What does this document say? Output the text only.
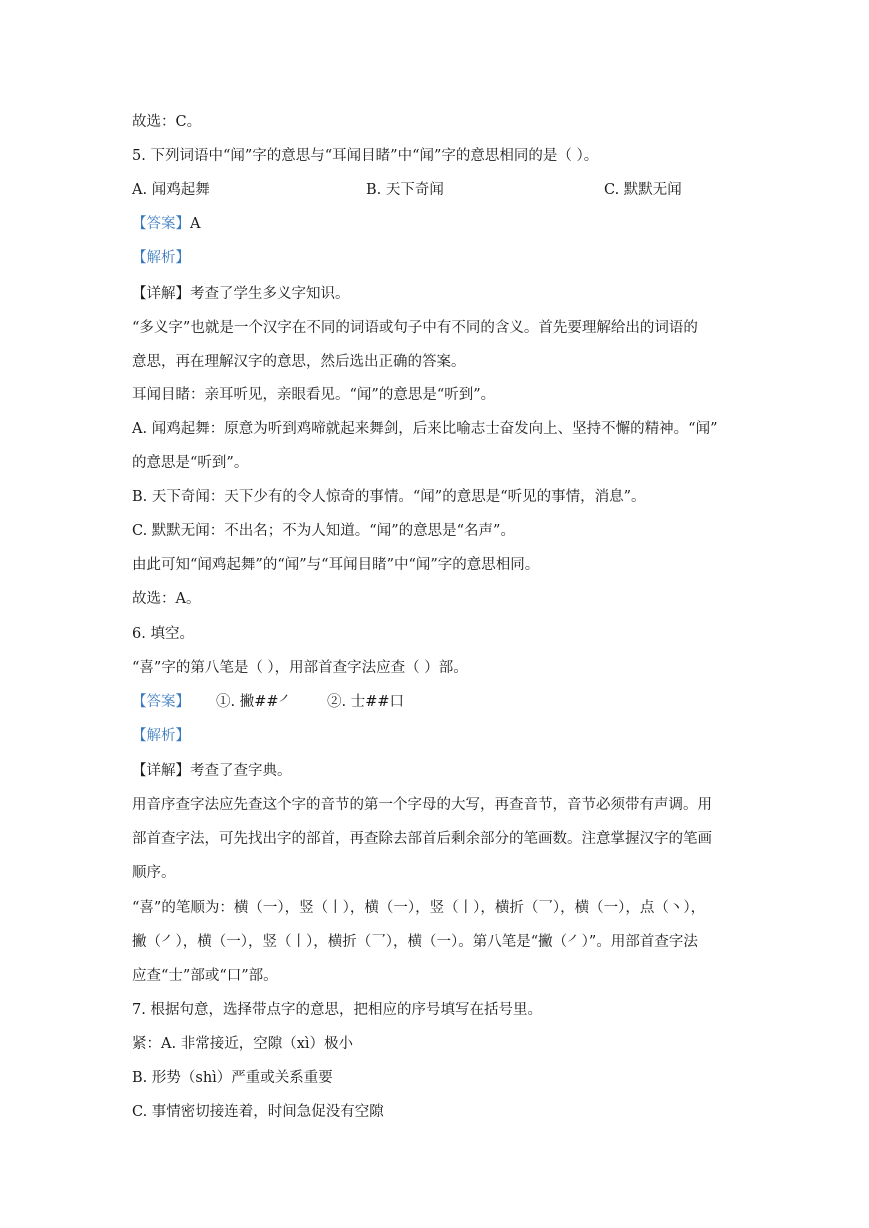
故选：C。
5. 下列词语中“闻”字的意思与“耳闻目睹”中“闻”字的意思相同的是（ ）。
A. 闻鸡起舞	B. 天下奇闻	C. 默默无闻
【答案】A
【解析】
【详解】考查了学生多义字知识。
“多义字”也就是一个汉字在不同的词语或句子中有不同的含义。首先要理解给出的词语的
意思，再在理解汉字的意思，然后选出正确的答案。
耳闻目睹：亲耳听见，亲眼看见。“闻”的意思是“听到”。
A. 闻鸡起舞：原意为听到鸡啼就起来舞剑，后来比喻志士奋发向上、坚持不懈的精神。“闻”
的意思是“听到”。
B. 天下奇闻：天下少有的令人惊奇的事情。“闻”的意思是“听见的事情，消息”。
C. 默默无闻：不出名；不为人知道。“闻”的意思是“名声”。
由此可知“闻鸡起舞”的“闻”与“耳闻目睹”中“闻”字的意思相同。
故选：A。
6. 填空。
“喜”字的第八笔是（ ），用部首查字法应查（ ）部。
【答案】 ①. 撇##㇒ ②. 士##口
【解析】
【详解】考查了查字典。
用音序查字法应先查这个字的音节的第一个字母的大写，再查音节，音节必须带有声调。用
部首查字法，可先找出字的部首，再查除去部首后剩余部分的笔画数。注意掌握汉字的笔画
顺序。
“喜”的笔顺为：横（一），竖（丨），横（一），竖（丨），横折（乛），横（一），点（丶），
撇（㇒），横（一），竖（丨），横折（乛），横（一）。第八笔是“撇（㇒）”。用部首查字法
应查“士”部或“口”部。
7. 根据句意，选择带点字的意思，把相应的序号填写在括号里。
紧：A. 非常接近，空隙（xì）极小
B. 形势（shì）严重或关系重要
C. 事情密切接连着，时间急促没有空隙
